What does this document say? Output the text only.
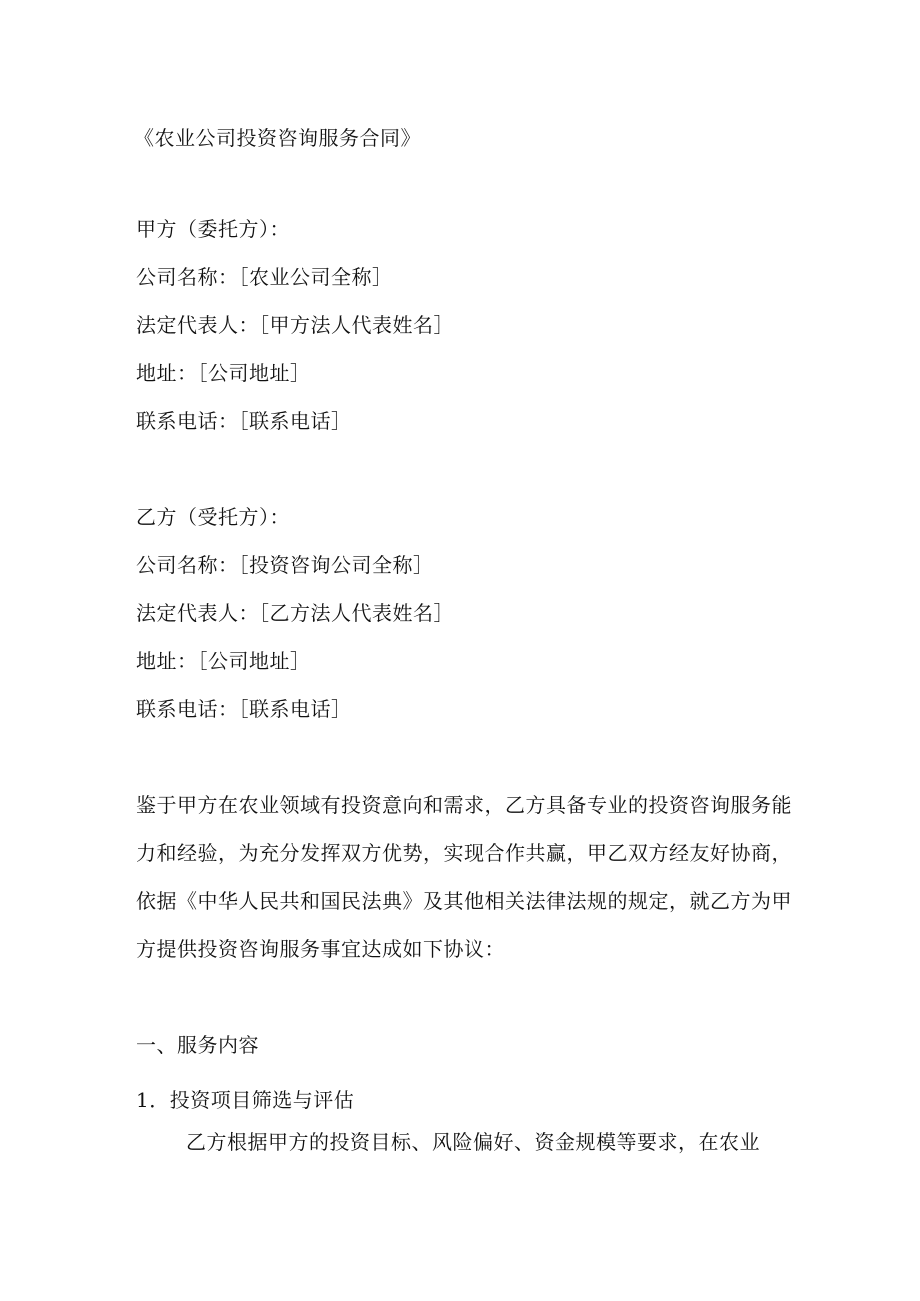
《农业公司投资咨询服务合同》
甲方（委托方）：
公司名称：［农业公司全称］
法定代表人：［甲方法人代表姓名］
地址：［公司地址］
联系电话：［联系电话］
乙方（受托方）：
公司名称：［投资咨询公司全称］
法定代表人：［乙方法人代表姓名］
地址：［公司地址］
联系电话：［联系电话］
鉴于甲方在农业领域有投资意向和需求，乙方具备专业的投资咨询服务能
力和经验，为充分发挥双方优势，实现合作共赢，甲乙双方经友好协商，
依据《中华人民共和国民法典》及其他相关法律法规的规定，就乙方为甲
方提供投资咨询服务事宜达成如下协议：
一、服务内容
1．投资项目筛选与评估
乙方根据甲方的投资目标、风险偏好、资金规模等要求，在农业
